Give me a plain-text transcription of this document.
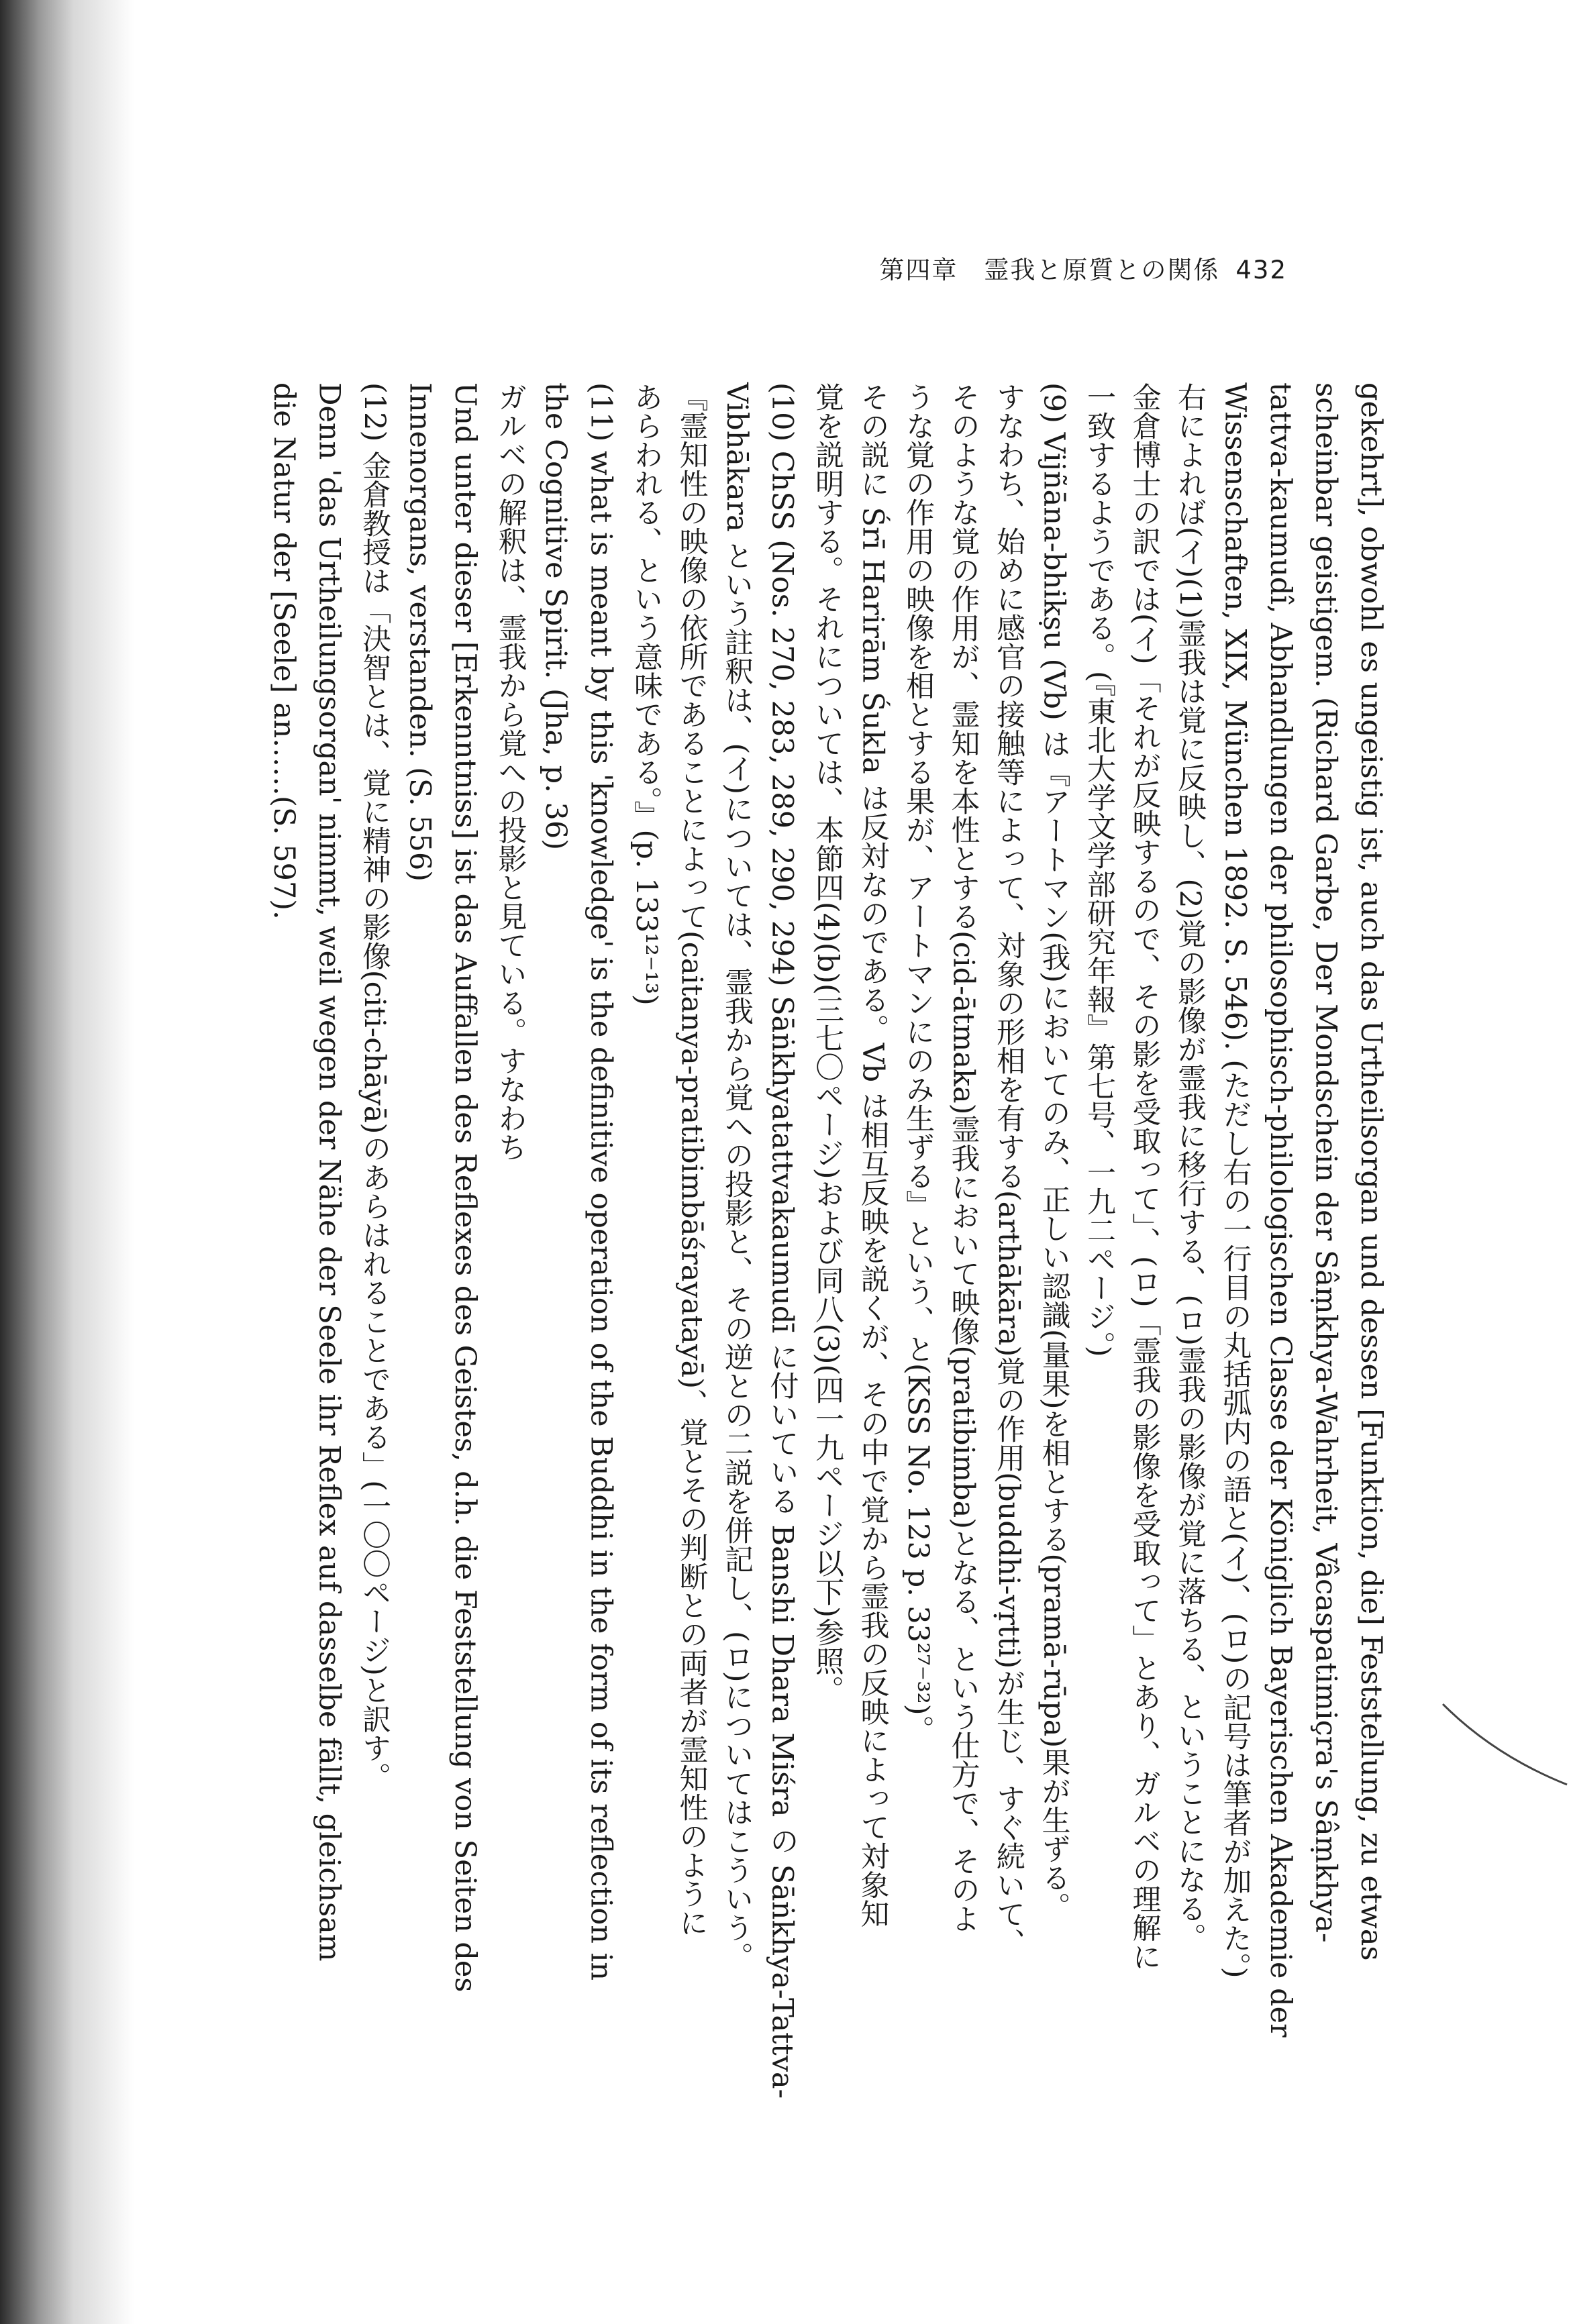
第四章　霊我と原質との関係 432

gekehrt], obwohl es ungeistig ist, auch das Urtheilsorgan und dessen [Funktion, die] Feststellung, zu etwas

scheinbar geistigem. (Richard Garbe, Der Mondschein der Sâṃkhya-Wahrheit, Vâcaspatimiçra's Sâṃkhya-

tattva-kaumudî, Abhandlungen der philosophisch-philologischen Classe der Königlich Bayerischen Akademie der

Wissenschaften, XIX, München 1892. S. 546). (ただし右の一行目の丸括弧内の語と(イ)、(ロ)の記号は筆者が加えた。)

右によれば(イ)(1)霊我は覚に反映し、(2)覚の影像が霊我に移行する、(ロ)霊我の影像が覚に落ちる、ということになる。

金倉博士の訳では(イ)「それが反映するので、その影を受取って」、(ロ)「霊我の影像を受取って」とあり、ガルベの理解に

一致するようである。(『東北大学文学部研究年報』第七号、一九二ページ。)

(9) Vijñāna-bhikṣu (Vb) は『アートマン(我)においてのみ、正しい認識(量果)を相とする(pramā-rūpa)果が生ずる。

すなわち、始めに感官の接触等によって、対象の形相を有する(arthākāra)覚の作用(buddhi-vṛtti)が生じ、すぐ続いて、

そのような覚の作用が、霊知を本性とする(cid-ātmaka)霊我において映像(pratibimba)となる、という仕方で、そのよ

うな覚の作用の映像を相とする果が、アートマンにのみ生ずる』という、と(KSS No. 123 p. 33²⁷⁻³²)。

その説に Śrī Harirām Śukla は反対なのである。Vb は相互反映を説くが、その中で覚から霊我の反映によって対象知

覚を説明する。それについては、本節四(4)(b)(三七〇ページ)および同八(3)(四一九ページ以下)参照。

(10) ChSS (Nos. 270, 283, 289, 290, 294) Sāṅkhyatattvakaumudī に付いている Banshi Dhara Miśra の Sāṅkhya-Tattva-

Vibhākara という註釈は、(イ)については、霊我から覚への投影と、その逆との二説を併記し、(ロ)についてはこういう。

『霊知性の映像の依所であることによって(caitanya-pratibimbāśrayatayā)、覚とその判断との両者が霊知性のように

あらわれる、という意味である。』(p. 133¹²⁻¹³)

(11) what is meant by this 'knowledge' is the definitive operation of the Buddhi in the form of its reflection in

the Cognitive Spirit. (Jha, p. 36)

ガルベの解釈は、霊我から覚への投影と見ている。すなわち

Und unter dieser [Erkenntniss] ist das Auffallen des Reflexes des Geistes, d.h. die Feststellung von Seiten des

Innenorgans, verstanden. (S. 556)

(12) 金倉教授は「決智とは、覚に精神の影像(citi-chāyā)のあらはれることである」(一〇〇ページ)と訳す。

Denn 'das Urtheilungsorgan' nimmt, weil wegen der Nähe der Seele ihr Reflex auf dasselbe fällt, gleichsam

die Natur der [Seele] an……(S. 597).
